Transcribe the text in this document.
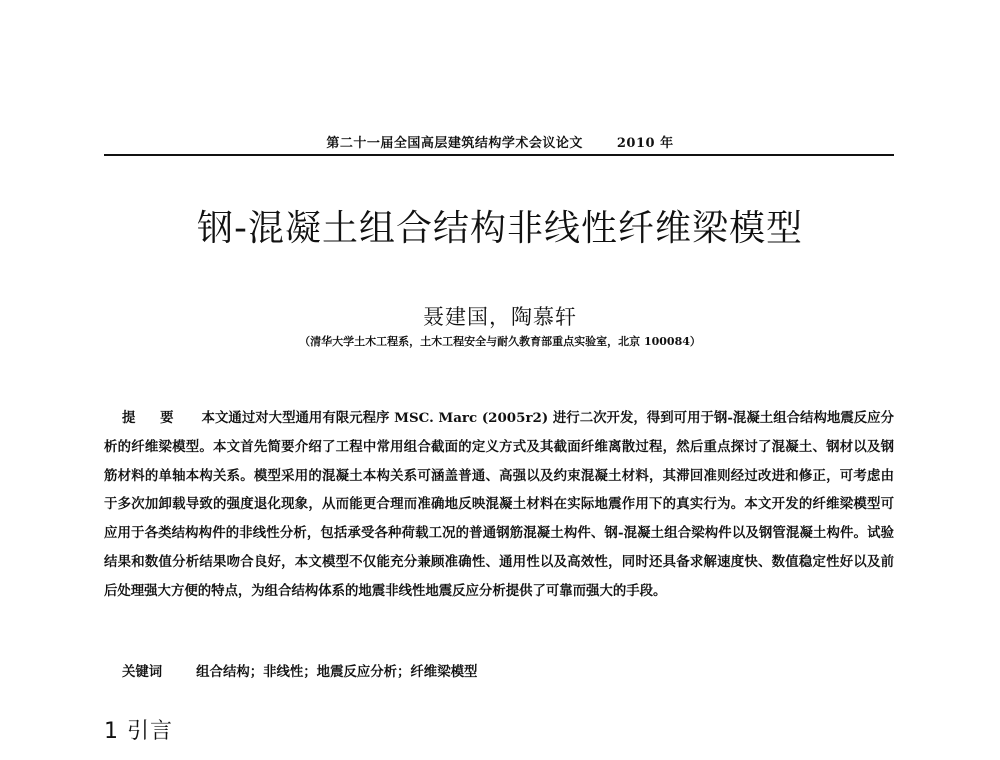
第二十一届全国高层建筑结构学术会议论文	2010 年
钢-混凝土组合结构非线性纤维梁模型
聂建国，陶慕轩
（清华大学土木工程系，土木工程安全与耐久教育部重点实验室，北京 100084）

提 要 本文通过对大型通用有限元程序 MSC. Marc (2005r2) 进行二次开发，得到可用于钢-混凝土组合结构地震反应分析的纤维梁模型。本文首先简要介绍了工程中常用组合截面的定义方式及其截面纤维离散过程，然后重点探讨了混凝土、钢材以及钢筋材料的单轴本构关系。模型采用的混凝土本构关系可涵盖普通、高强以及约束混凝土材料，其滞回准则经过改进和修正，可考虑由于多次加卸载导致的强度退化现象，从而能更合理而准确地反映混凝土材料在实际地震作用下的真实行为。本文开发的纤维梁模型可应用于各类结构构件的非线性分析，包括承受各种荷载工况的普通钢筋混凝土构件、钢-混凝土组合梁构件以及钢管混凝土构件。试验结果和数值分析结果吻合良好，本文模型不仅能充分兼顾准确性、通用性以及高效性，同时还具备求解速度快、数值稳定性好以及前后处理强大方便的特点，为组合结构体系的地震非线性地震反应分析提供了可靠而强大的手段。

关键词	组合结构；非线性；地震反应分析；纤维梁模型
1 引言
